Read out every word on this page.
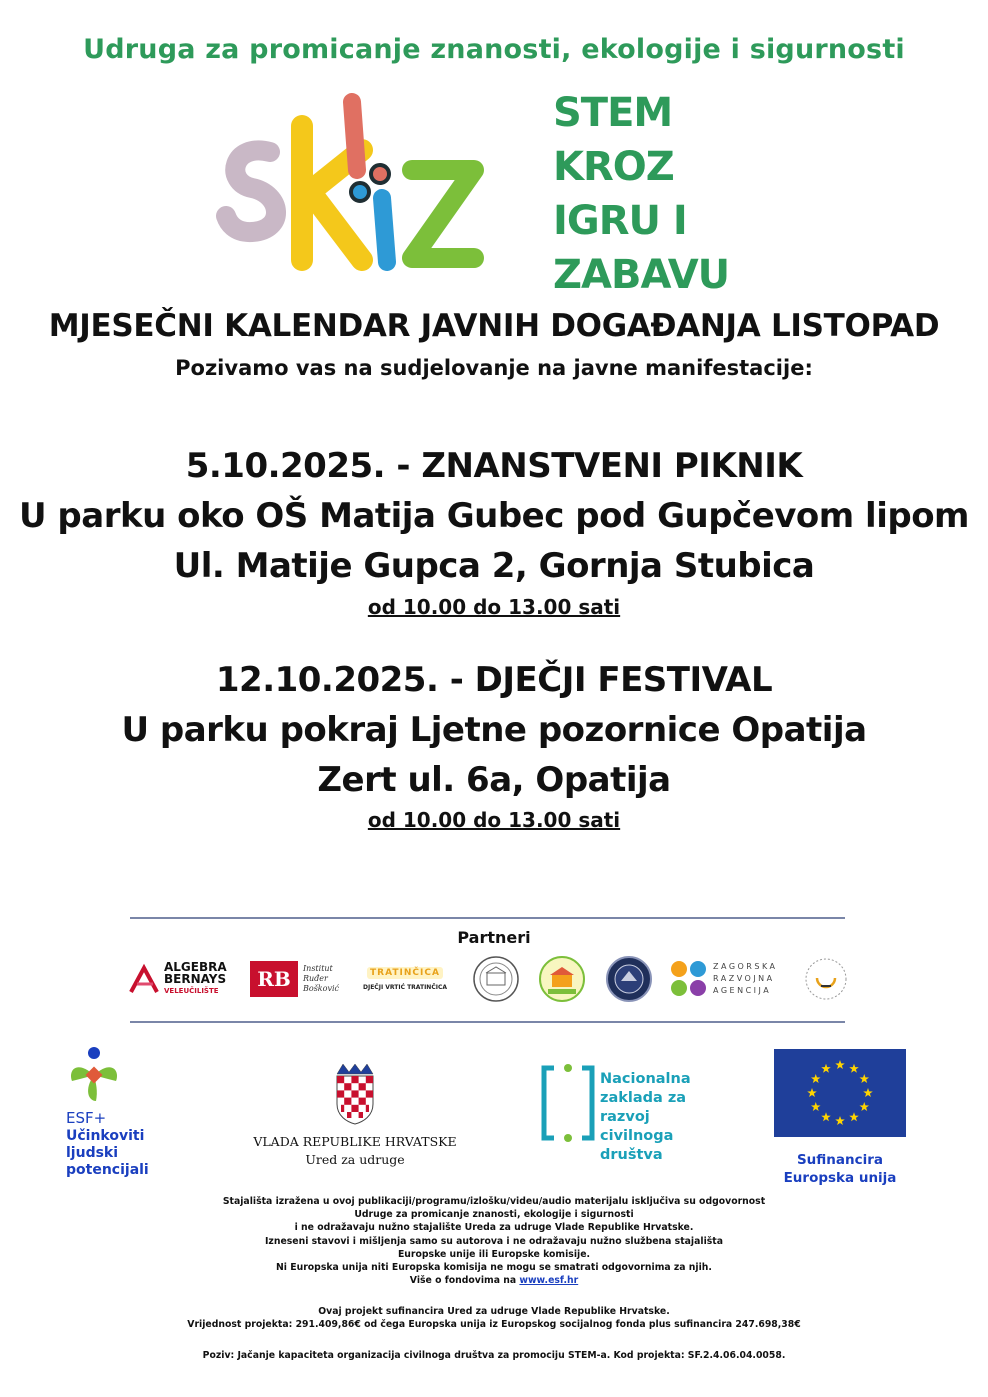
Udruga za promicanje znanosti, ekologije i sigurnosti
STEM
KROZ
IGRU I
ZABAVU
MJESEČNI KALENDAR JAVNIH DOGAĐANJA LISTOPAD
Pozivamo vas na sudjelovanje na javne manifestacije:
5.10.2025. - ZNANSTVENI PIKNIK
U parku oko OŠ Matija Gubec pod Gupčevom lipom
Ul. Matije Gupca 2, Gornja Stubica
od 10.00 do 13.00 sati
12.10.2025. - DJEČJI FESTIVAL
U parku pokraj Ljetne pozornice Opatija
Zert ul. 6a, Opatija
od 10.00 do 13.00 sati
Partneri
ALGEBRA
BERNAYS
VELEUČILIŠTE	RB	Institut
Ruđer
Bošković
TRATINČICA
DJEČJI VRTIĆ TRATINČICA
ZAGORSKA
RAZVOJNA
AGENCIJA
ESF+
Učinkoviti
ljudski
potencijali
VLADA REPUBLIKE HRVATSKE
Ured za udruge
Nacionalna
zaklada za
razvoj
civilnoga
društva	Sufinancira
Europska unija
Stajališta izražena u ovoj publikaciji/programu/izlošku/videu/audio materijalu isključiva su odgovornost
Udruge za promicanje znanosti, ekologije i sigurnosti
i ne odražavaju nužno stajalište Ureda za udruge Vlade Republike Hrvatske.
Izneseni stavovi i mišljenja samo su autorova i ne odražavaju nužno službena stajališta
Europske unije ili Europske komisije.
Ni Europska unija niti Europska komisija ne mogu se smatrati odgovornima za njih.
Više o fondovima na www.esf.hr
Ovaj projekt sufinancira Ured za udruge Vlade Republike Hrvatske.
Vrijednost projekta: 291.409,86€ od čega Europska unija iz Europskog socijalnog fonda plus sufinancira 247.698,38€
Poziv: Jačanje kapaciteta organizacija civilnoga društva za promociju STEM-a. Kod projekta: SF.2.4.06.04.0058.
